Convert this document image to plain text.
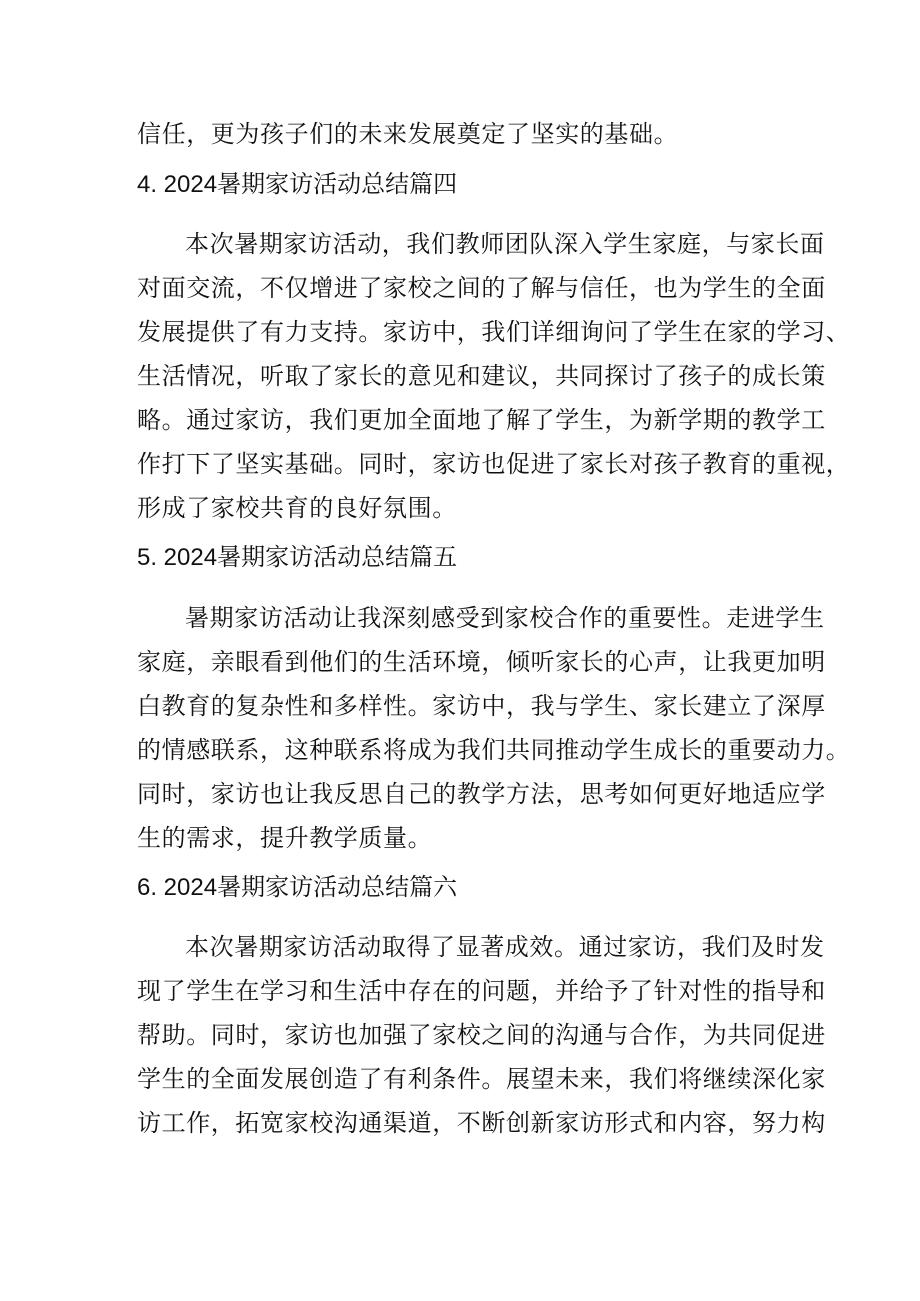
信任，更为孩子们的未来发展奠定了坚实的基础。
4. 2024暑期家访活动总结篇四
本次暑期家访活动，我们教师团队深入学生家庭，与家长面
对面交流，不仅增进了家校之间的了解与信任，也为学生的全面
发展提供了有力支持。家访中，我们详细询问了学生在家的学习、
生活情况，听取了家长的意见和建议，共同探讨了孩子的成长策
略。通过家访，我们更加全面地了解了学生，为新学期的教学工
作打下了坚实基础。同时，家访也促进了家长对孩子教育的重视，
形成了家校共育的良好氛围。
5. 2024暑期家访活动总结篇五
暑期家访活动让我深刻感受到家校合作的重要性。走进学生
家庭，亲眼看到他们的生活环境，倾听家长的心声，让我更加明
白教育的复杂性和多样性。家访中，我与学生、家长建立了深厚
的情感联系，这种联系将成为我们共同推动学生成长的重要动力。
同时，家访也让我反思自己的教学方法，思考如何更好地适应学
生的需求，提升教学质量。
6. 2024暑期家访活动总结篇六
本次暑期家访活动取得了显著成效。通过家访，我们及时发
现了学生在学习和生活中存在的问题，并给予了针对性的指导和
帮助。同时，家访也加强了家校之间的沟通与合作，为共同促进
学生的全面发展创造了有利条件。展望未来，我们将继续深化家
访工作，拓宽家校沟通渠道，不断创新家访形式和内容，努力构
